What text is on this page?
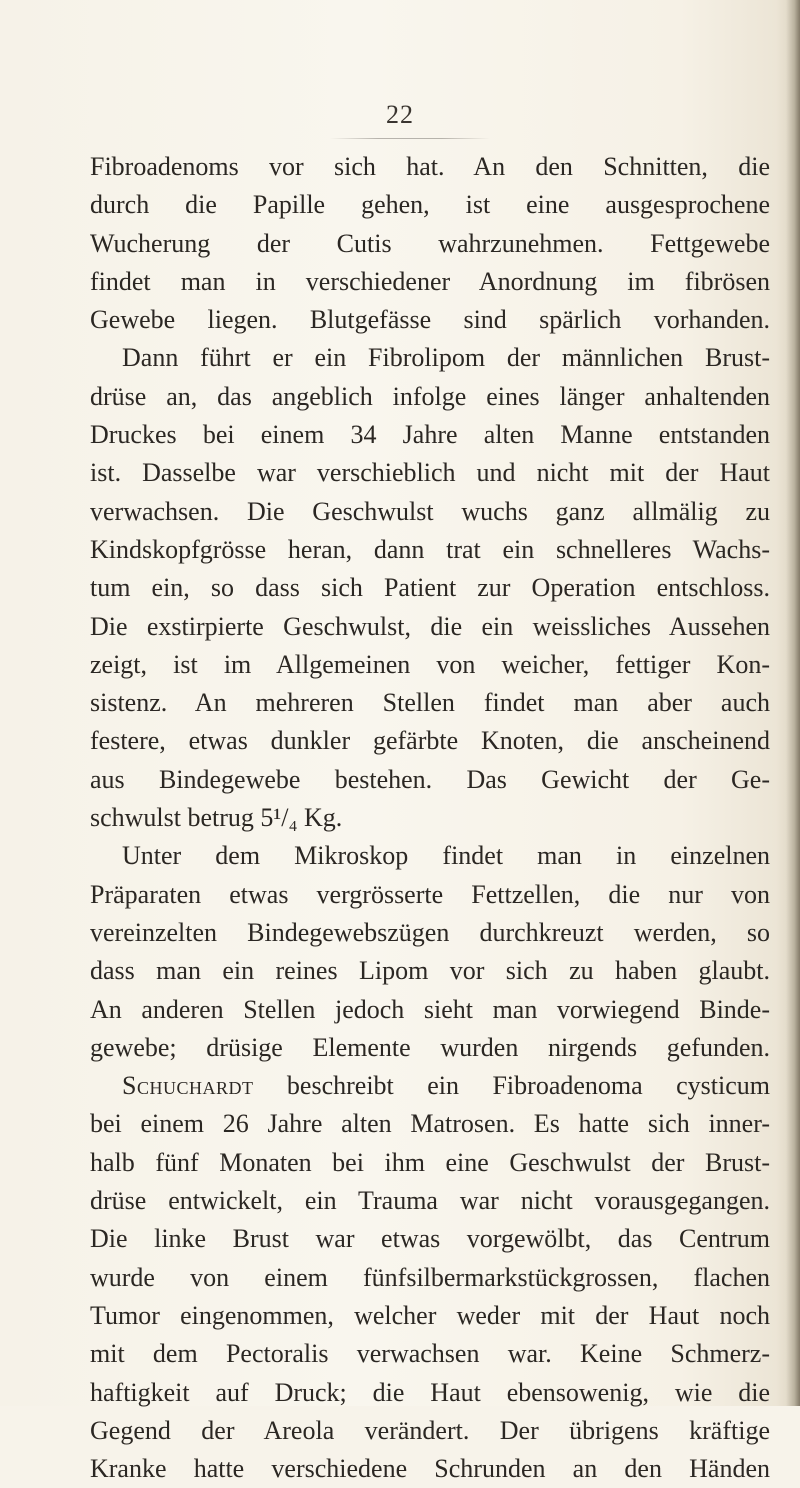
22
Fibroadenoms vor sich hat. An den Schnitten, die
durch die Papille gehen, ist eine ausgesprochene
Wucherung der Cutis wahrzunehmen. Fettgewebe
findet man in verschiedener Anordnung im fibrösen
Gewebe liegen. Blutgefässe sind spärlich vorhanden.
Dann führt er ein Fibrolipom der männlichen Brust-
drüse an, das angeblich infolge eines länger anhaltenden
Druckes bei einem 34 Jahre alten Manne entstanden
ist. Dasselbe war verschieblich und nicht mit der Haut
verwachsen. Die Geschwulst wuchs ganz allmälig zu
Kindskopfgrösse heran, dann trat ein schnelleres Wachs-
tum ein, so dass sich Patient zur Operation entschloss.
Die exstirpierte Geschwulst, die ein weissliches Aussehen
zeigt, ist im Allgemeinen von weicher, fettiger Kon-
sistenz. An mehreren Stellen findet man aber auch
festere, etwas dunkler gefärbte Knoten, die anscheinend
aus Bindegewebe bestehen. Das Gewicht der Ge-
schwulst betrug 5¹/₄ Kg.
Unter dem Mikroskop findet man in einzelnen
Präparaten etwas vergrösserte Fettzellen, die nur von
vereinzelten Bindegewebszügen durchkreuzt werden, so
dass man ein reines Lipom vor sich zu haben glaubt.
An anderen Stellen jedoch sieht man vorwiegend Binde-
gewebe; drüsige Elemente wurden nirgends gefunden.
Schuchardt beschreibt ein Fibroadenoma cysticum
bei einem 26 Jahre alten Matrosen. Es hatte sich inner-
halb fünf Monaten bei ihm eine Geschwulst der Brust-
drüse entwickelt, ein Trauma war nicht vorausgegangen.
Die linke Brust war etwas vorgewölbt, das Centrum
wurde von einem fünfsilbermarkstückgrossen, flachen
Tumor eingenommen, welcher weder mit der Haut noch
mit dem Pectoralis verwachsen war. Keine Schmerz-
haftigkeit auf Druck; die Haut ebensowenig, wie die
Gegend der Areola verändert. Der übrigens kräftige
Kranke hatte verschiedene Schrunden an den Händen
